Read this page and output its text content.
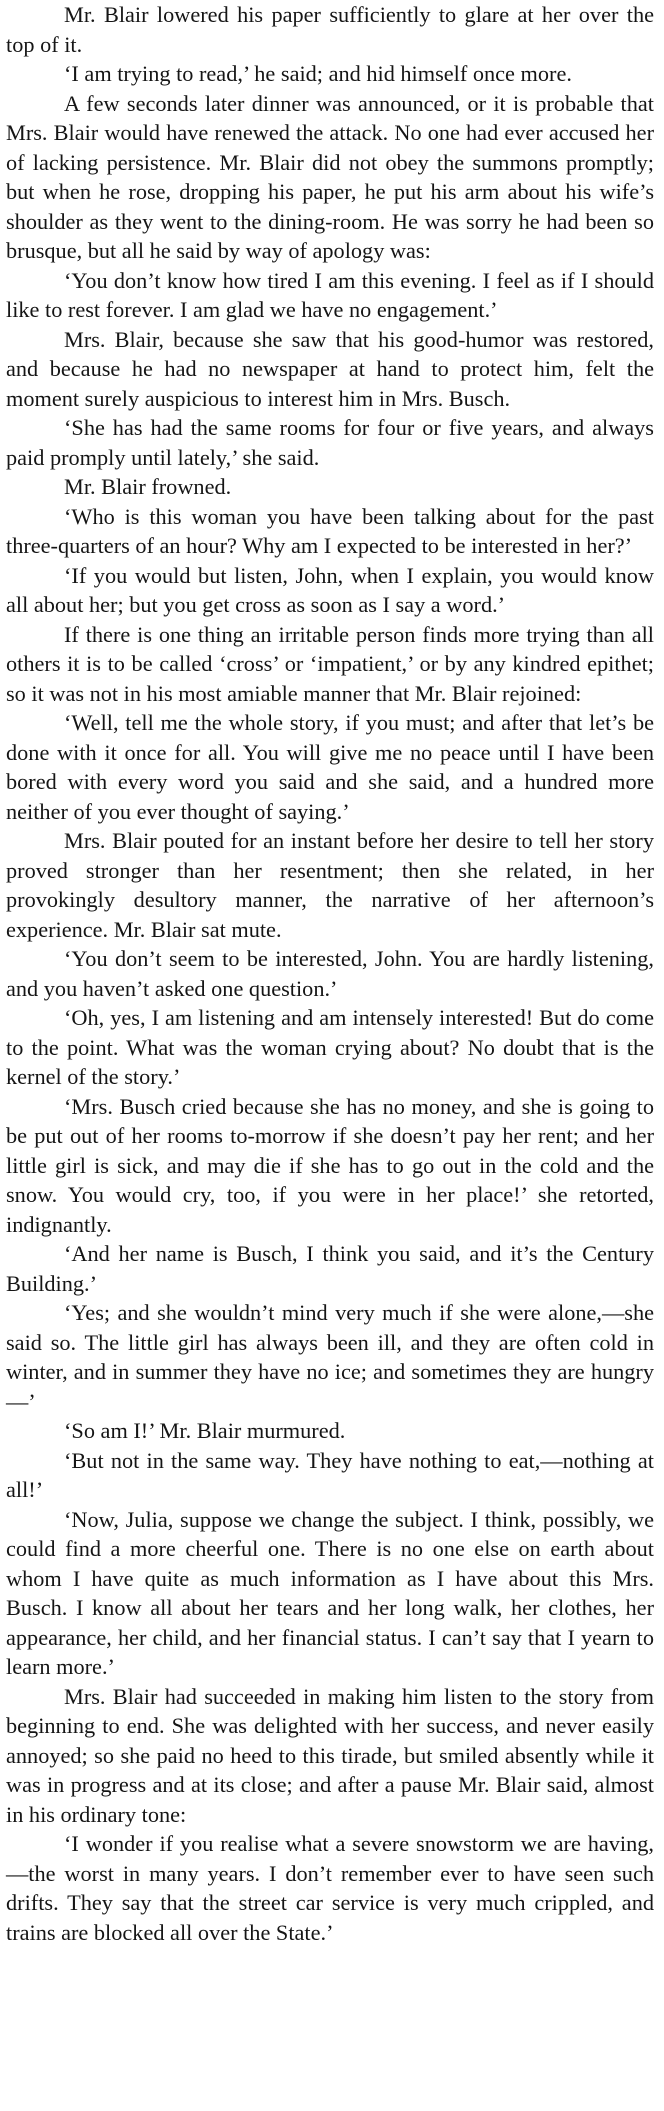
Mr. Blair lowered his paper sufficiently to glare at her over the top of it.

‘I am trying to read,’ he said; and hid himself once more.

A few seconds later dinner was announced, or it is probable that Mrs. Blair would have renewed the attack. No one had ever accused her of lacking persistence. Mr. Blair did not obey the summons promptly; but when he rose, dropping his paper, he put his arm about his wife’s shoulder as they went to the dining-room. He was sorry he had been so brusque, but all he said by way of apology was:

‘You don’t know how tired I am this evening. I feel as if I should like to rest forever. I am glad we have no engagement.’

Mrs. Blair, because she saw that his good-humor was restored, and because he had no newspaper at hand to protect him, felt the moment surely auspicious to interest him in Mrs. Busch.

‘She has had the same rooms for four or five years, and always paid promply until lately,’ she said.

Mr. Blair frowned.

‘Who is this woman you have been talking about for the past three-quarters of an hour? Why am I expected to be interested in her?’

‘If you would but listen, John, when I explain, you would know all about her; but you get cross as soon as I say a word.’

If there is one thing an irritable person finds more trying than all others it is to be called ‘cross’ or ‘impatient,’ or by any kindred epithet; so it was not in his most amiable manner that Mr. Blair rejoined:

‘Well, tell me the whole story, if you must; and after that let’s be done with it once for all. You will give me no peace until I have been bored with every word you said and she said, and a hundred more neither of you ever thought of saying.’

Mrs. Blair pouted for an instant before her desire to tell her story proved stronger than her resentment; then she related, in her provokingly desultory manner, the narrative of her afternoon’s experience. Mr. Blair sat mute.

‘You don’t seem to be interested, John. You are hardly listening, and you haven’t asked one question.’

‘Oh, yes, I am listening and am intensely interested! But do come to the point. What was the woman crying about? No doubt that is the kernel of the story.’

‘Mrs. Busch cried because she has no money, and she is going to be put out of her rooms to-morrow if she doesn’t pay her rent; and her little girl is sick, and may die if she has to go out in the cold and the snow. You would cry, too, if you were in her place!’ she retorted, indignantly.

‘And her name is Busch, I think you said, and it’s the Century Building.’

‘Yes; and she wouldn’t mind very much if she were alone,—she said so. The little girl has always been ill, and they are often cold in winter, and in summer they have no ice; and sometimes they are hungry—’

‘So am I!’ Mr. Blair murmured.

‘But not in the same way. They have nothing to eat,—nothing at all!’

‘Now, Julia, suppose we change the subject. I think, possibly, we could find a more cheerful one. There is no one else on earth about whom I have quite as much information as I have about this Mrs. Busch. I know all about her tears and her long walk, her clothes, her appearance, her child, and her financial status. I can’t say that I yearn to learn more.’

Mrs. Blair had succeeded in making him listen to the story from beginning to end. She was delighted with her success, and never easily annoyed; so she paid no heed to this tirade, but smiled absently while it was in progress and at its close; and after a pause Mr. Blair said, almost in his ordinary tone:

‘I wonder if you realise what a severe snowstorm we are having,—the worst in many years. I don’t remember ever to have seen such drifts. They say that the street car service is very much crippled, and trains are blocked all over the State.’
